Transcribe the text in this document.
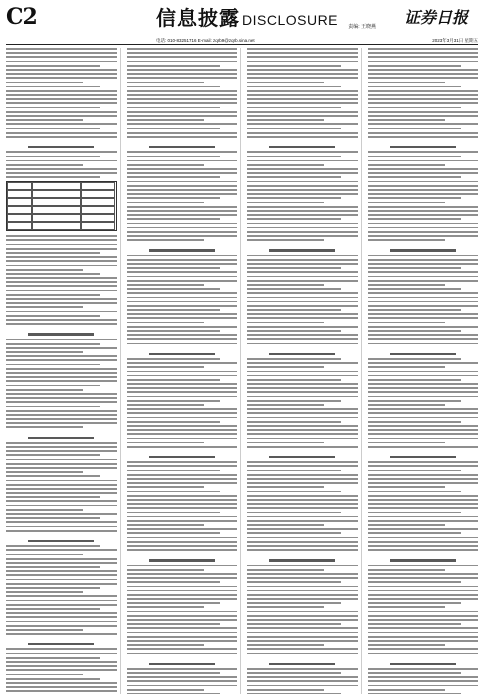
C2	信息披露 DISCLOSURE 责编: 王晓燕
电话: 010-83251716 E-mail: zqrb9@zqrb.sina.net
证券日报
2023年3月31日 星期五
